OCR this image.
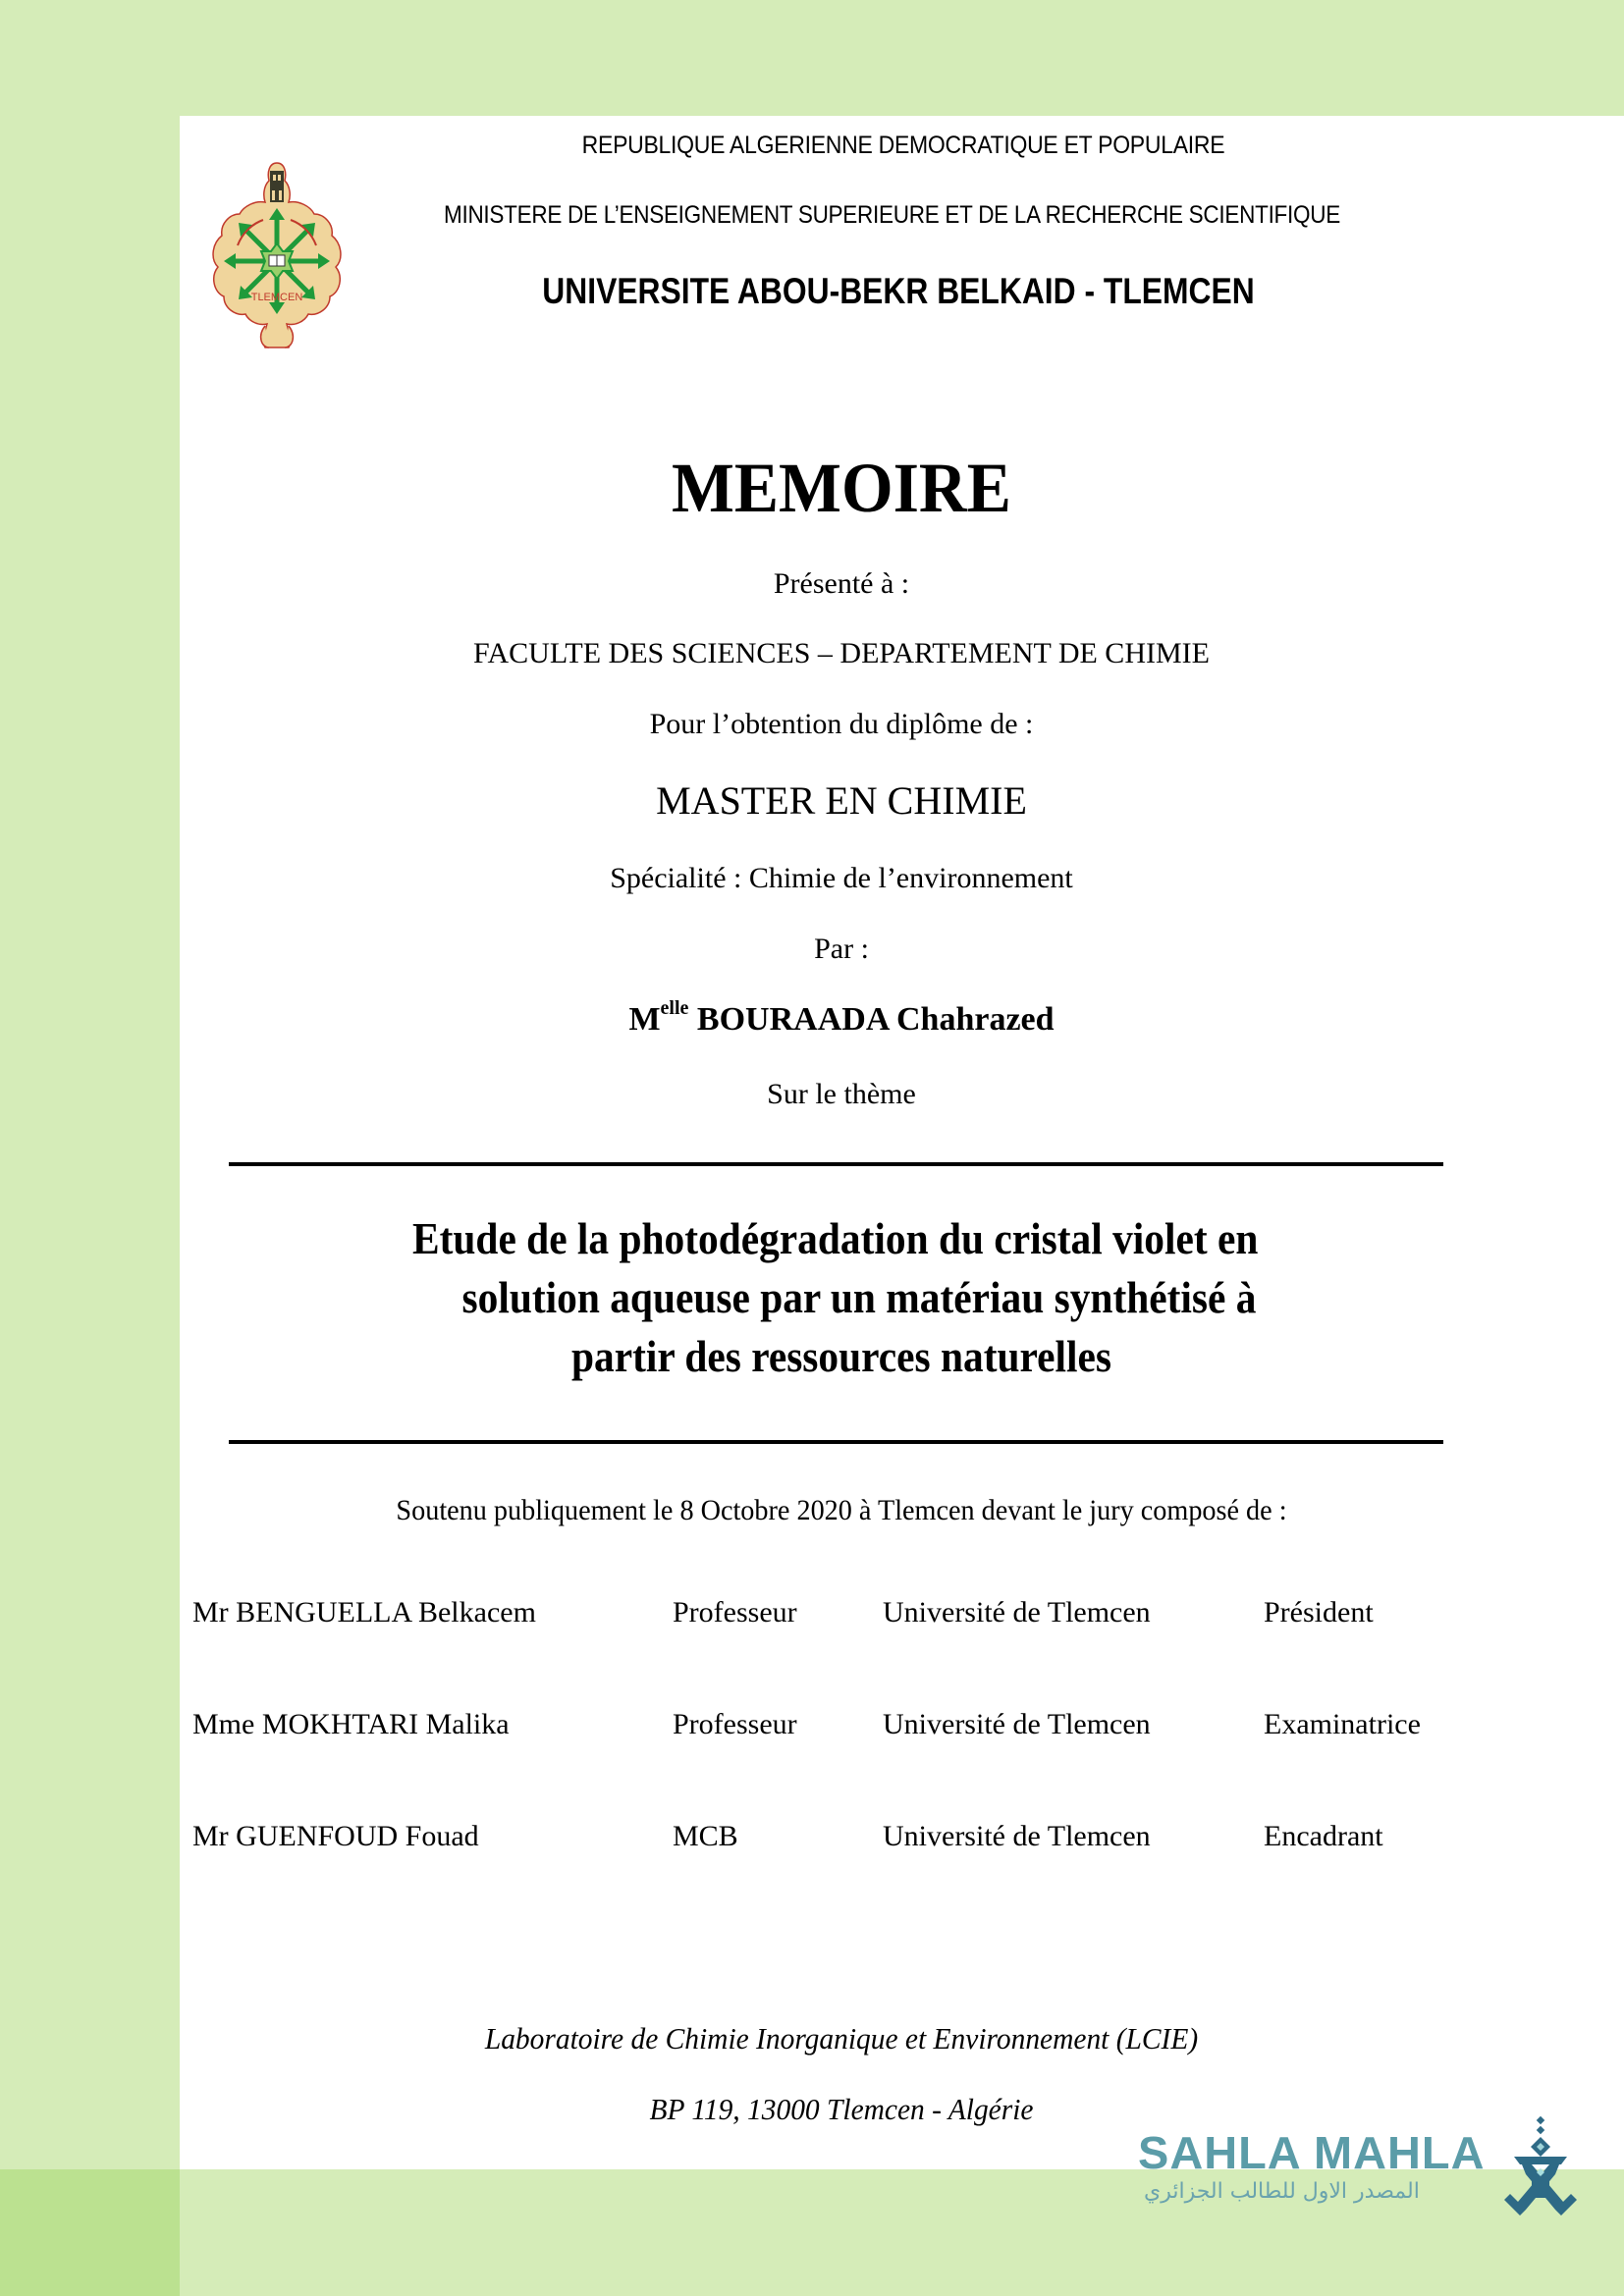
TLEMCEN
REPUBLIQUE ALGERIENNE DEMOCRATIQUE ET POPULAIRE
MINISTERE DE L’ENSEIGNEMENT SUPERIEURE ET DE LA RECHERCHE SCIENTIFIQUE
UNIVERSITE ABOU-BEKR BELKAID - TLEMCEN
MEMOIRE
Présenté à :
FACULTE DES SCIENCES – DEPARTEMENT DE CHIMIE
Pour l’obtention du diplôme de :
MASTER EN CHIMIE
Spécialité : Chimie de l’environnement
Par :
$M^{elle}$ BOURAADA Chahrazed
Sur le thème
Etude de la photodégradation du cristal violet en
solution aqueuse par un matériau synthétisé à
partir des ressources naturelles
Soutenu publiquement le 8 Octobre 2020 à Tlemcen devant le jury composé de :
Mr BENGUELLA Belkacem	Professeur	Université de Tlemcen	Président
Mme MOKHTARI Malika	Professeur	Université de Tlemcen	Examinatrice
Mr GUENFOUD Fouad	MCB	Université de Tlemcen	Encadrant
Laboratoire de Chimie Inorganique et Environnement (LCIE)
BP 119, 13000 Tlemcen - Algérie
SAHLA MAHLA
المصدر الاول للطالب الجزائري
